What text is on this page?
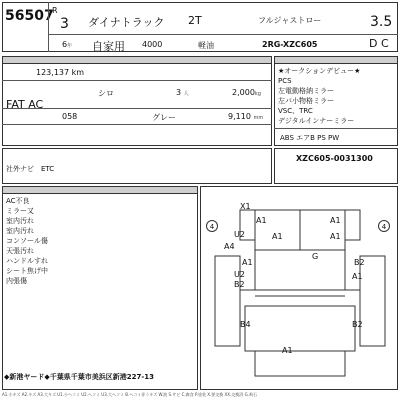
56507
R
3 ダイナトラック 2T	フルジャストロー	3.5
6年 自家用 4000	軽油	2RG-XZC605	D C
123,137 km
シロ	3 人	2,000kg
FAT AC
058	グレー	9,110 mm
★オークションデビュー★
PCS
左電動格納ミラー
左バ小物格ミラー
VSC、TRC
デジタルインナーミラー
ABS エアB PS PW
社外ナビ　ETC
XZC605-0031300
AC不良
ミラー又
室内汚れ
室内汚れ
コンソール傷
天張汚れ
ハンドルすれ
シート焦げ中
内張傷
◆新港ヤード◆千葉県千葉市美浜区新港227-13
X1
A1	A1
A4
U2	A1	A1
G
A1
U2
B2
B2
A1
B4	B2
A1
4	4
A1.小キズ A2.キズ A3.大キズ U1.小ヘコミ U2.ヘコミ U3.大ヘコミ B.ヘコミ伴うキズ W.波 S.サビ C.腐食 P.塗装 X.要交換 XX.交換済 G.飛石
